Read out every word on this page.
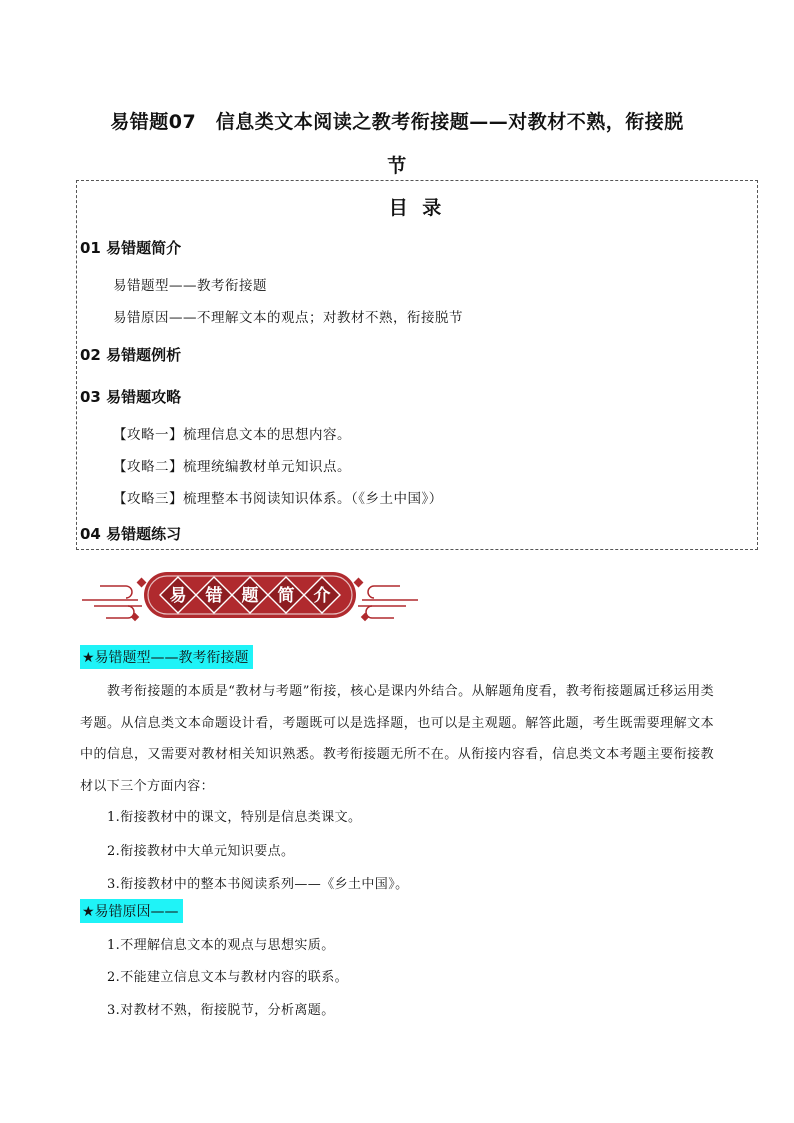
易错题07　信息类文本阅读之教考衔接题——对教材不熟，衔接脱
节
目 录
01 易错题简介
易错题型——教考衔接题
易错原因——不理解文本的观点；对教材不熟，衔接脱节
02 易错题例析
03 易错题攻略
【攻略一】梳理信息文本的思想内容。
【攻略二】梳理统编教材单元知识点。
【攻略三】梳理整本书阅读知识体系。（《乡土中国》）
04 易错题练习
易	错	题	简	介
★易错题型——教考衔接题

教考衔接题的本质是“教材与考题”衔接，核心是课内外结合。从解题角度看，教考衔接题属迁移运用类考题。从信息类文本命题设计看，考题既可以是选择题，也可以是主观题。解答此题，考生既需要理解文本中的信息，又需要对教材相关知识熟悉。教考衔接题无所不在。从衔接内容看，信息类文本考题主要衔接教材以下三个方面内容：

1.衔接教材中的课文，特别是信息类课文。
2.衔接教材中大单元知识要点。
3.衔接教材中的整本书阅读系列——《乡土中国》。
★易错原因——
1.不理解信息文本的观点与思想实质。
2.不能建立信息文本与教材内容的联系。
3.对教材不熟，衔接脱节，分析离题。
